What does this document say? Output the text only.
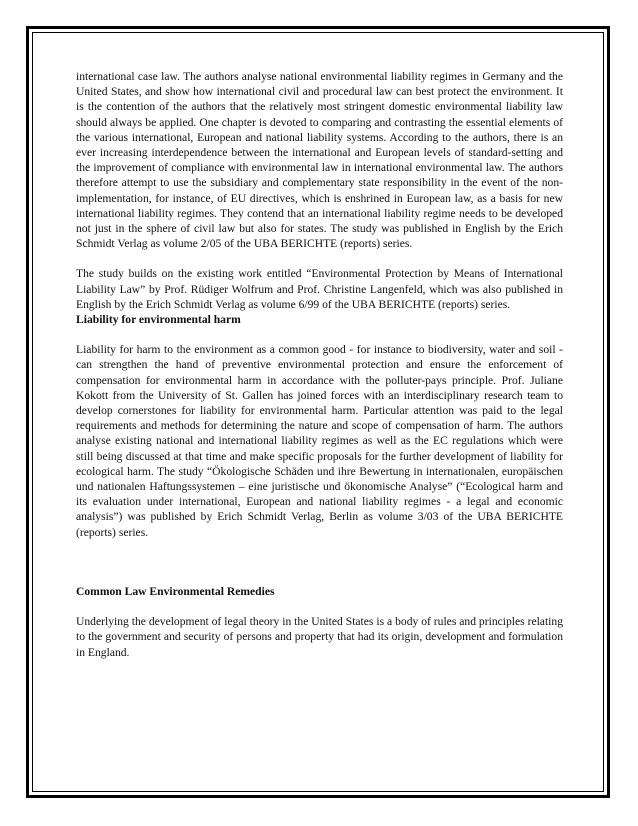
international case law. The authors analyse national environmental liability regimes in Germany and the United States, and show how international civil and procedural law can best protect the environment. It is the contention of the authors that the relatively most stringent domestic environmental liability law should always be applied. One chapter is devoted to comparing and contrasting the essential elements of the various international, European and national liability systems. According to the authors, there is an ever increasing interdependence between the international and European levels of standard-setting and the improvement of compliance with environmental law in international environmental law. The authors therefore attempt to use the subsidiary and complementary state responsibility in the event of the non-implementation, for instance, of EU directives, which is enshrined in European law, as a basis for new international liability regimes. They contend that an international liability regime needs to be developed not just in the sphere of civil law but also for states. The study was published in English by the Erich Schmidt Verlag as volume 2/05 of the UBA BERICHTE (reports) series.

The study builds on the existing work entitled “Environmental Protection by Means of International Liability Law” by Prof. Rüdiger Wolfrum and Prof. Christine Langenfeld, which was also published in English by the Erich Schmidt Verlag as volume 6/99 of the UBA BERICHTE (reports) series.

Liability for environmental harm

Liability for harm to the environment as a common good - for instance to biodiversity, water and soil - can strengthen the hand of preventive environmental protection and ensure the enforcement of compensation for environmental harm in accordance with the polluter-pays principle. Prof. Juliane Kokott from the University of St. Gallen has joined forces with an interdisciplinary research team to develop cornerstones for liability for environmental harm. Particular attention was paid to the legal requirements and methods for determining the nature and scope of compensation of harm. The authors analyse existing national and international liability regimes as well as the EC regulations which were still being discussed at that time and make specific proposals for the further development of liability for ecological harm. The study “Ökologische Schäden und ihre Bewertung in internationalen, europäischen und nationalen Haftungssystemen – eine juristische und ökonomische Analyse” (“Ecological harm and its evaluation under international, European and national liability regimes - a legal and economic analysis”) was published by Erich Schmidt Verlag, Berlin as volume 3/03 of the UBA BERICHTE (reports) series.

Common Law Environmental Remedies

Underlying the development of legal theory in the United States is a body of rules and principles relating to the government and security of persons and property that had its origin, development and formulation in England.
